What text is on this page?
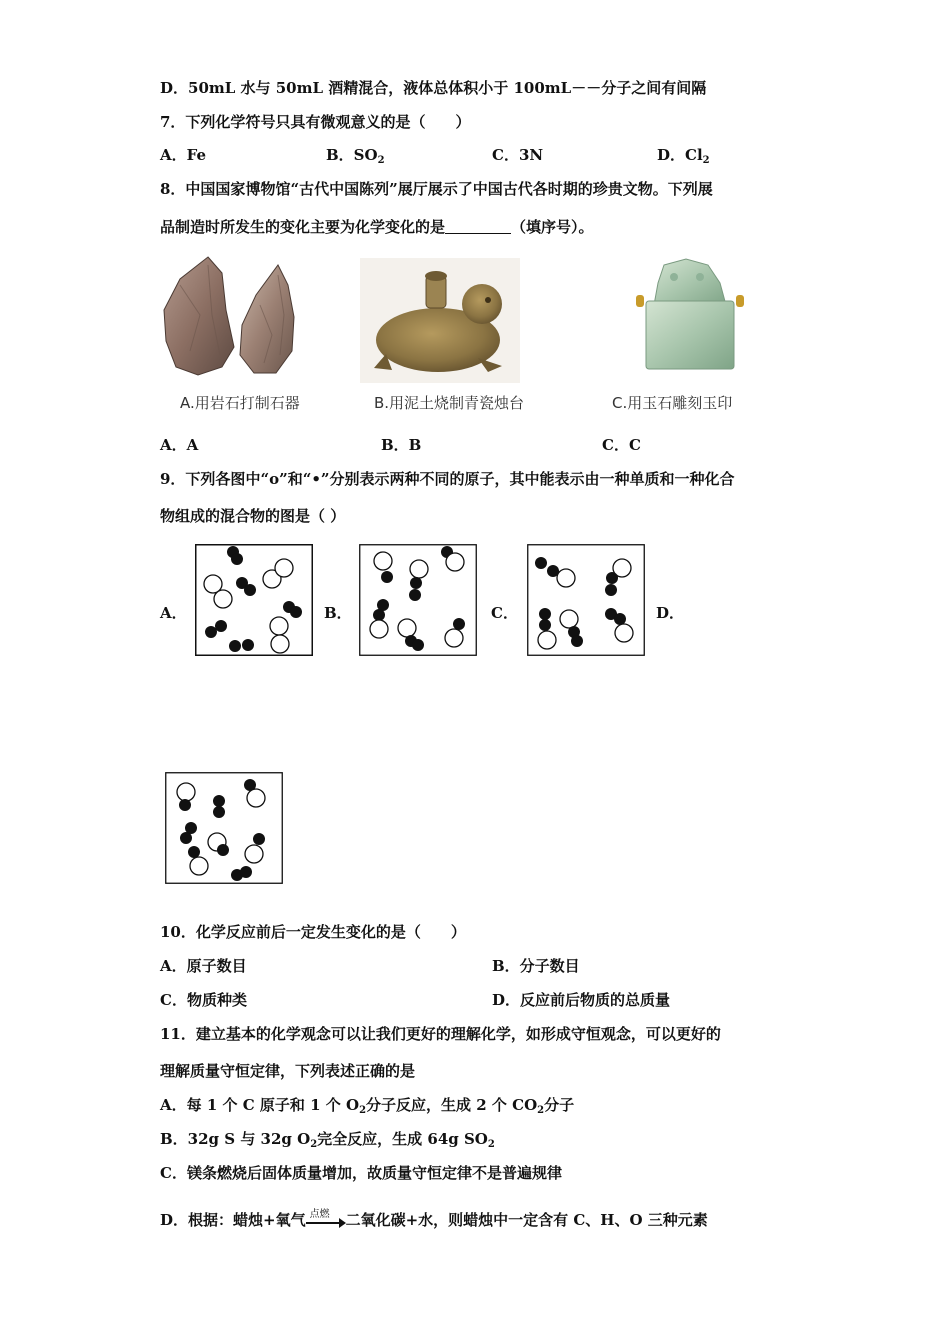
D．50mL 水与 50mL 酒精混合，液体总体积小于 100mL－－分子之间有间隔
7．下列化学符号只具有微观意义的是（　　）
A．Fe	B．$SO_2$	C．3N	D．$Cl_2$
8．中国国家博物馆“古代中国陈列”展厅展示了中国古代各时期的珍贵文物。下列展
品制造时所发生的变化主要为化学变化的是	（填序号）。
A.用岩石打制石器	B.用泥土烧制青瓷烛台	C.用玉石雕刻玉印
A．A	B．B	C．C
9．下列各图中“o”和“•”分别表示两种不同的原子，其中能表示由一种单质和一种化合
物组成的混合物的图是（ ）
A．	B．	C．	D．
10．化学反应前后一定发生变化的是（　　）
A．原子数目	B．分子数目
C．物质种类	D．反应前后物质的总质量
11．建立基本的化学观念可以让我们更好的理解化学，如形成守恒观念，可以更好的
理解质量守恒定律，下列表述正确的是
A．每 1 个 C 原子和 1 个 $O_2$分子反应，生成 2 个 $CO_2$分子
B．32g S 与 32g $O_2$完全反应，生成 64g $SO_2$
C．镁条燃烧后固体质量增加，故质量守恒定律不是普遍规律
D．根据：蜡烛+氧气 点燃 二氧化碳+水，则蜡烛中一定含有 C、H、O 三种元素
